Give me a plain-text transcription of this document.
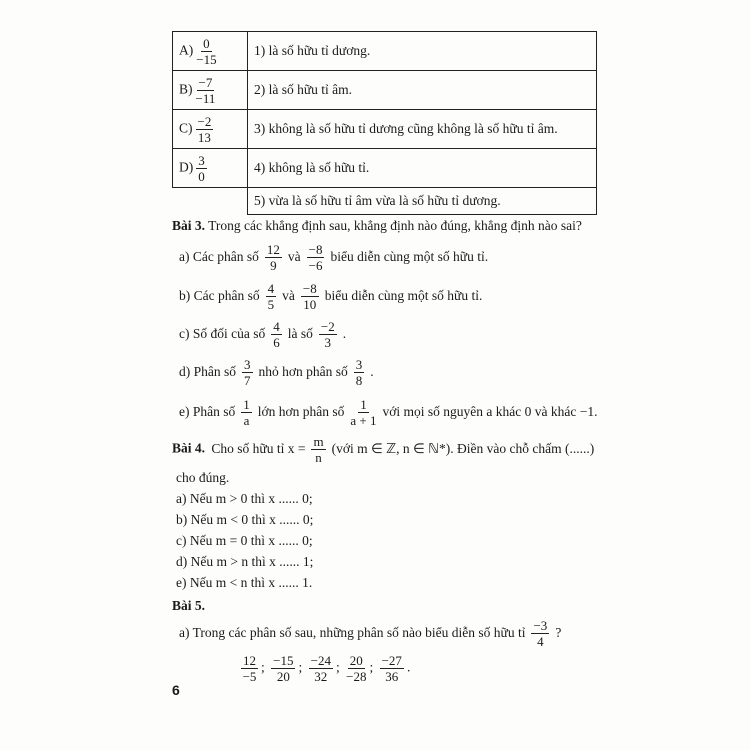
$A) \frac{0}{-15}$	1) là số hữu tỉ dương.
$B) \frac{-7}{-11}$	2) là số hữu tỉ âm.
$C) \frac{-2}{13}$	3) không là số hữu tỉ dương cũng không là số hữu tỉ âm.
$D) \frac{3}{0}$	4) không là số hữu tỉ.
	5) vừa là số hữu tỉ âm vừa là số hữu tỉ dương.
Bài 3. Trong các khẳng định sau, khẳng định nào đúng, khẳng định nào sai?
a) Các phân số $\frac{12}{9}$ và $\frac{-8}{-6}$ biểu diễn cùng một số hữu tỉ.
b) Các phân số $\frac{4}{5}$ và $\frac{-8}{10}$ biểu diễn cùng một số hữu tỉ.
c) Số đối của số $\frac{4}{6}$ là số $\frac{-2}{3}$ .
d) Phân số $\frac{3}{7}$ nhỏ hơn phân số $\frac{3}{8}$ .
e) Phân số $\frac{1}{a}$ lớn hơn phân số $\frac{1}{a + 1}$ với mọi số nguyên a khác 0 và khác −1.
Bài 4. Cho số hữu tỉ $x = \frac{m}{n}$ (với m ∈ ℤ, n ∈ ℕ*). Điền vào chỗ chấm (......)
cho đúng.
a) Nếu m > 0 thì x ...... 0;
b) Nếu m < 0 thì x ...... 0;
c) Nếu m = 0 thì x ...... 0;
d) Nếu m > n thì x ...... 1;
e) Nếu m < n thì x ...... 1.
Bài 5.
a) Trong các phân số sau, những phân số nào biểu diễn số hữu tỉ $\frac{-3}{4}$ ?
$\frac{12}{-5}$ ; $\frac{-15}{20}$ ; $\frac{-24}{32}$ ; $\frac{20}{-28}$ ; $\frac{-27}{36}$ .
6
